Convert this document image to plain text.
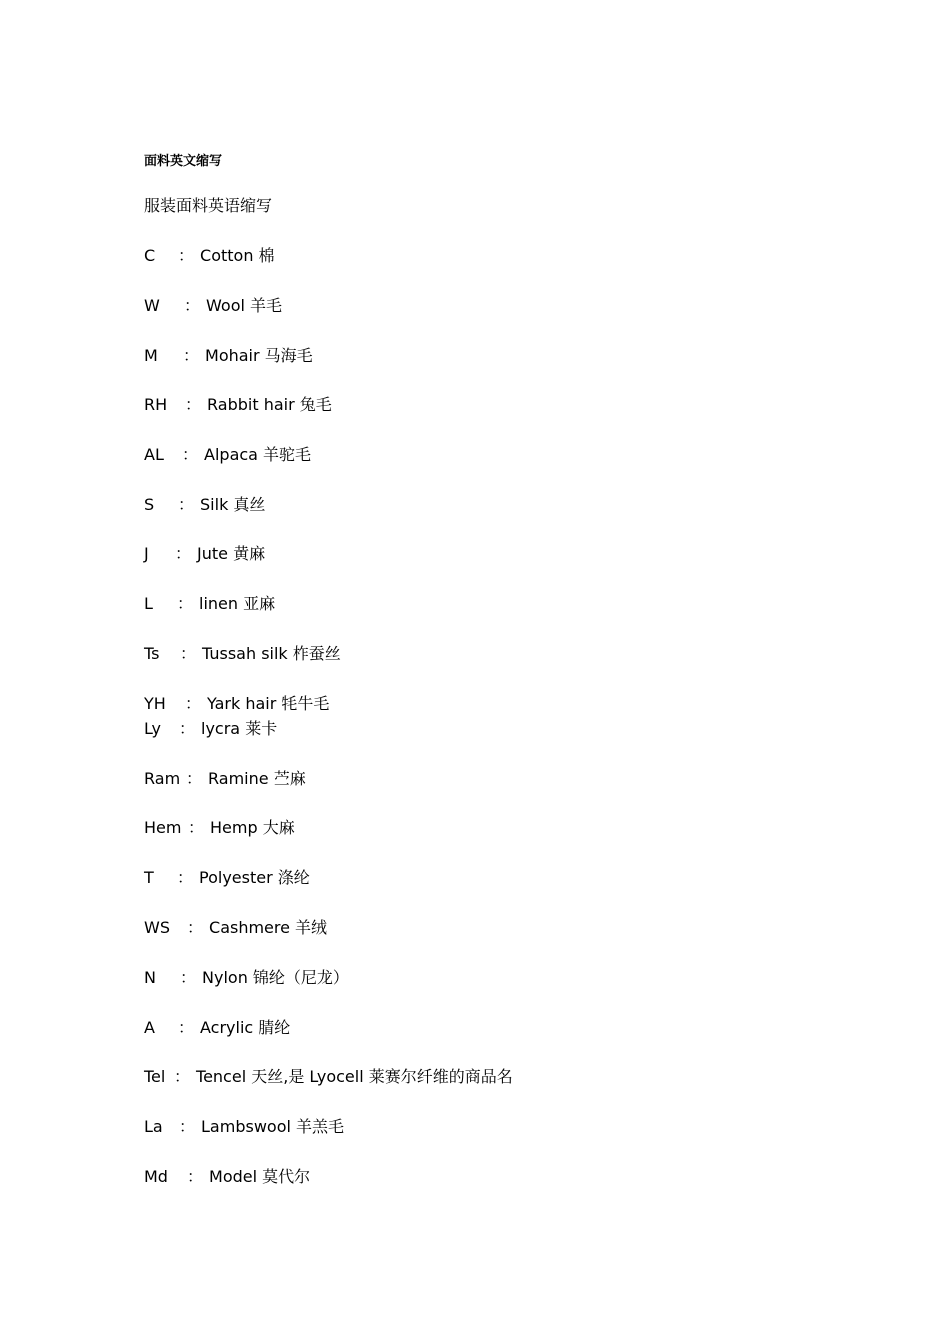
面料英文缩写
服装面料英语缩写
C ： Cotton 棉
W ： Wool 羊毛
M ： Mohair 马海毛
RH ： Rabbit hair 兔毛
AL ： Alpaca 羊驼毛
S ： Silk 真丝
J ： Jute 黄麻
L ： linen 亚麻
Ts ： Tussah silk 柞蚕丝
YH ： Yark hair 牦牛毛
Ly ： lycra 莱卡
Ram ： Ramine 苎麻
Hem ： Hemp 大麻
T ： Polyester 涤纶
WS ： Cashmere 羊绒
N ： Nylon 锦纶（尼龙）
A ： Acrylic 腈纶
Tel ： Tencel 天丝,是 Lyocell 莱赛尔纤维的商品名
La ： Lambswool 羊羔毛
Md ： Model 莫代尔
